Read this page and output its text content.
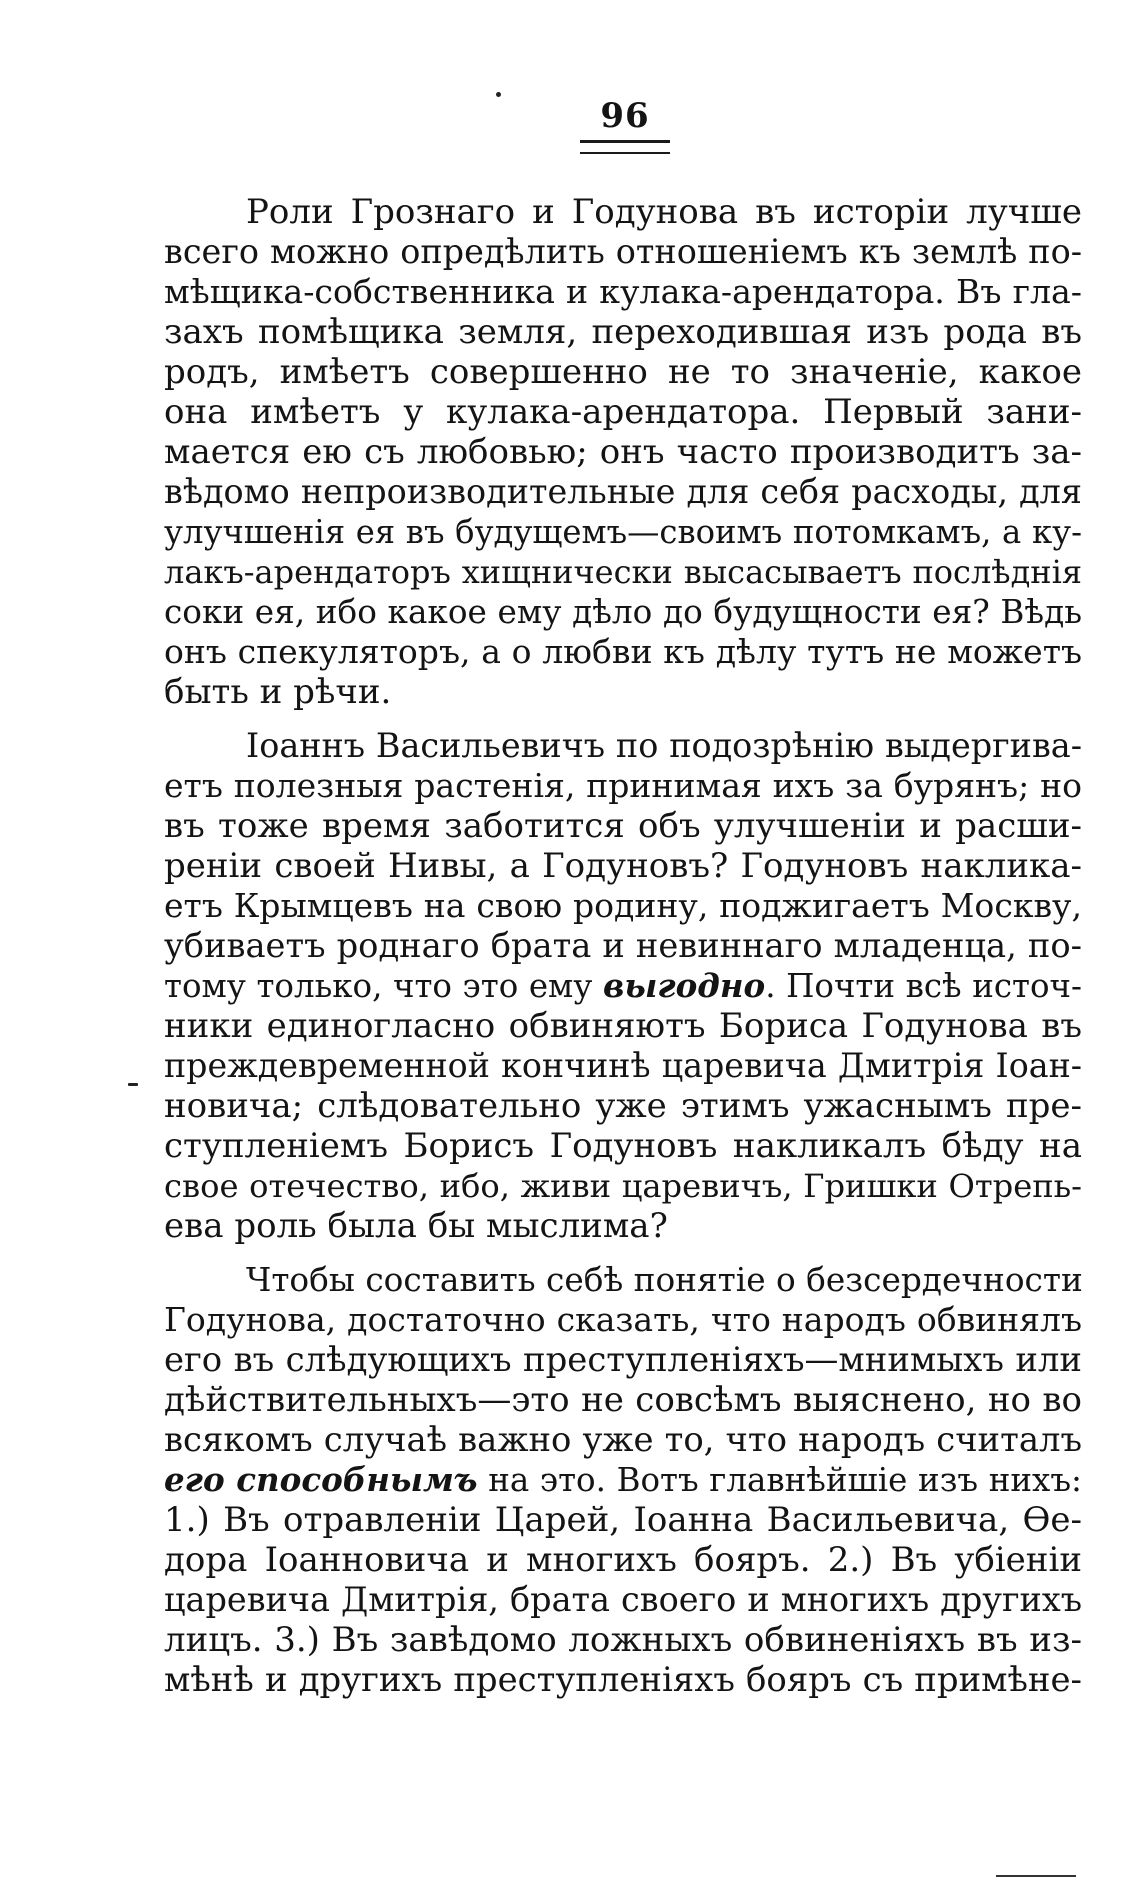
96
Роли Грознаго и Годунова въ исторіи лучше
всего можно опредѣлить отношеніемъ къ землѣ по-
мѣщика-собственника и кулака-арендатора. Въ гла-
захъ помѣщика земля, переходившая изъ рода въ
родъ, имѣетъ совершенно не то значеніе, какое
она имѣетъ у кулака-арендатора. Первый зани-
мается ею съ любовью; онъ часто производитъ за-
вѣдомо непроизводительные для себя расходы, для
улучшенія ея въ будущемъ—своимъ потомкамъ, а ку-
лакъ-арендаторъ хищнически высасываетъ послѣднія
соки ея, ибо какое ему дѣло до будущности ея? Вѣдь
онъ спекуляторъ, а о любви къ дѣлу тутъ не можетъ
быть и рѣчи.
Іоаннъ Васильевичъ по подозрѣнію выдергива-
етъ полезныя растенія, принимая ихъ за бурянъ; но
въ тоже время заботится объ улучшеніи и расши-
реніи своей Нивы, а Годуновъ? Годуновъ наклика-
етъ Крымцевъ на свою родину, поджигаетъ Москву,
убиваетъ роднаго брата и невиннаго младенца, по-
тому только, что это ему выгодно. Почти всѣ источ-
ники единогласно обвиняютъ Бориса Годунова въ
преждевременной кончинѣ царевича Дмитрія Іоан-
новича; слѣдовательно уже этимъ ужаснымъ пре-
ступленіемъ Борисъ Годуновъ накликалъ бѣду на
свое отечество, ибо, живи царевичъ, Гришки Отрепь-
ева роль была бы мыслима?
Чтобы составить себѣ понятіе о безсердечности
Годунова, достаточно сказать, что народъ обвинялъ
его въ слѣдующихъ преступленіяхъ—мнимыхъ или
дѣйствительныхъ—это не совсѣмъ выяснено, но во
всякомъ случаѣ важно уже то, что народъ считалъ
его способнымъ на это. Вотъ главнѣйшіе изъ нихъ:
1.) Въ отравленіи Царей, Іоанна Васильевича, Ѳе-
дора Іоанновича и многихъ бояръ. 2.) Въ убіеніи
царевича Дмитрія, брата своего и многихъ другихъ
лицъ. 3.) Въ завѣдомо ложныхъ обвиненіяхъ въ из-
мѣнѣ и другихъ преступленіяхъ бояръ съ примѣне-
